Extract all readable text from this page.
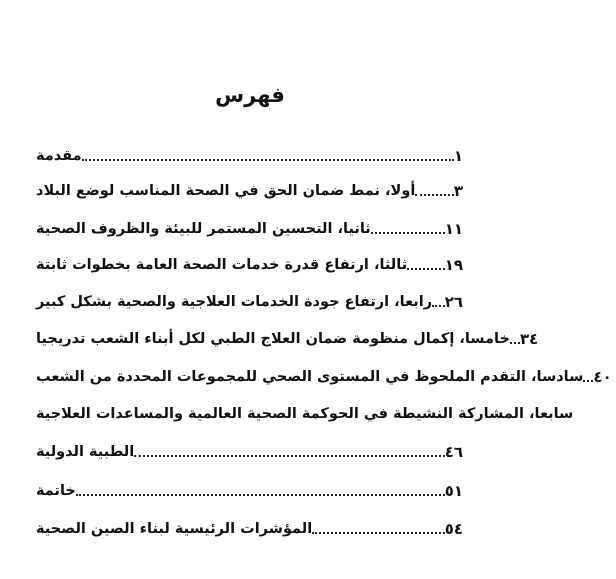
فهرس
مقدمة	١
أولا، نمط ضمان الحق في الصحة المناسب لوضع البلاد	٣
ثانيا، التحسين المستمر للبيئة والظروف الصحية	١١
ثالثا، ارتفاع قدرة خدمات الصحة العامة بخطوات ثابتة	١٩
رابعا، ارتفاع جودة الخدمات العلاجية والصحية بشكل كبير ٢٦
خامسا، إكمال منظومة ضمان العلاج الطبي لكل أبناء الشعب تدريجيا ٣٤
سادسا، التقدم الملحوظ في المستوى الصحي للمجموعات المحددة من الشعب ٤٠
سابعا، المشاركة النشيطة في الحوكمة الصحية العالمية والمساعدات العلاجية
الطبية الدولية	٤٦
خاتمة	٥١
المؤشرات الرئيسية لبناء الصين الصحية	٥٤
